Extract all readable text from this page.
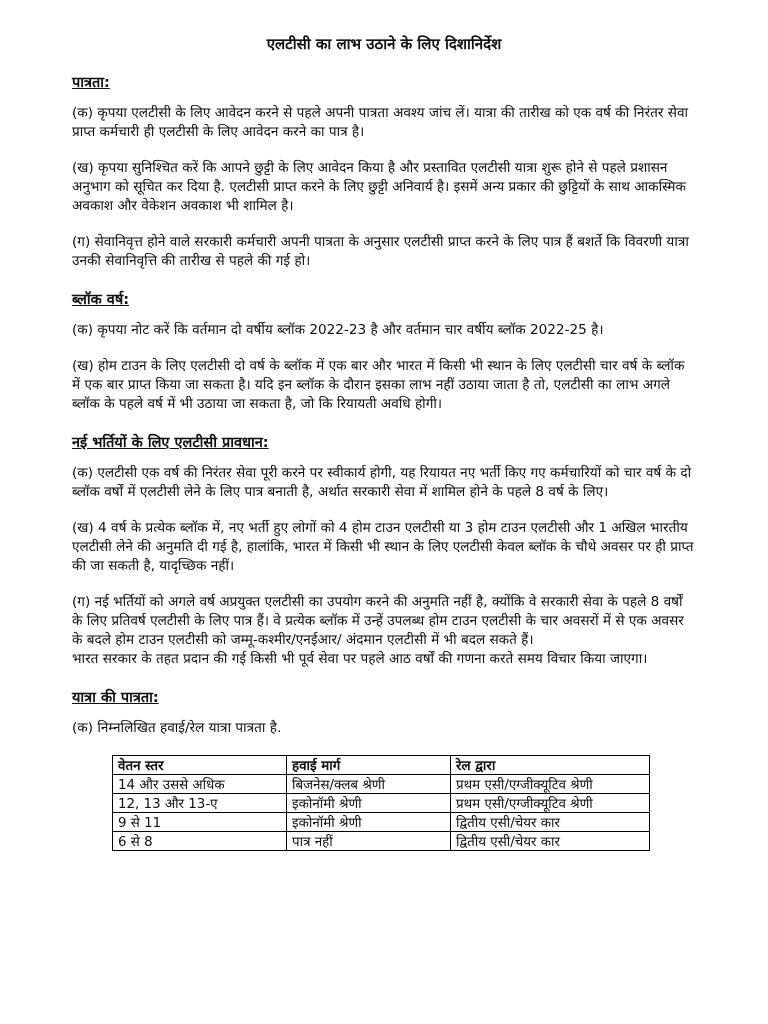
एलटीसी का लाभ उठाने के लिए दिशानिर्देश
पात्रता:

(क) कृपया एलटीसी के लिए आवेदन करने से पहले अपनी पात्रता अवश्य जांच लें। यात्रा की तारीख को एक वर्ष की निरंतर सेवा प्राप्त कर्मचारी ही एलटीसी के लिए आवेदन करने का पात्र है।

(ख) कृपया सुनिश्चित करें कि आपने छुट्टी के लिए आवेदन किया है और प्रस्तावित एलटीसी यात्रा शुरू होने से पहले प्रशासन अनुभाग को सूचित कर दिया है. एलटीसी प्राप्त करने के लिए छुट्टी अनिवार्य है। इसमें अन्य प्रकार की छुट्टियों के साथ आकस्मिक अवकाश और वेकेशन अवकाश भी शामिल है।

(ग) सेवानिवृत्त होने वाले सरकारी कर्मचारी अपनी पात्रता के अनुसार एलटीसी प्राप्त करने के लिए पात्र हैं बशर्ते कि विवरणी यात्रा उनकी सेवानिवृत्ति की तारीख से पहले की गई हो।

ब्लॉक वर्ष:

(क) कृपया नोट करें कि वर्तमान दो वर्षीय ब्लॉक 2022-23 है और वर्तमान चार वर्षीय ब्लॉक 2022-25 है।

(ख) होम टाउन के लिए एलटीसी दो वर्ष के ब्लॉक में एक बार और भारत में किसी भी स्थान के लिए एलटीसी चार वर्ष के ब्लॉक में एक बार प्राप्त किया जा सकता है। यदि इन ब्लॉक के दौरान इसका लाभ नहीं उठाया जाता है तो, एलटीसी का लाभ अगले ब्लॉक के पहले वर्ष में भी उठाया जा सकता है, जो कि रियायती अवधि होगी।

नई भर्तियों के लिए एलटीसी प्रावधान:

(क) एलटीसी एक वर्ष की निरंतर सेवा पूरी करने पर स्वीकार्य होगी, यह रियायत नए भर्ती किए गए कर्मचारियों को चार वर्ष के दो ब्लॉक वर्षों में एलटीसी लेने के लिए पात्र बनाती है, अर्थात सरकारी सेवा में शामिल होने के पहले 8 वर्ष के लिए।

(ख) 4 वर्ष के प्रत्येक ब्लॉक में, नए भर्ती हुए लोगों को 4 होम टाउन एलटीसी या 3 होम टाउन एलटीसी और 1 अखिल भारतीय एलटीसी लेने की अनुमति दी गई है, हालांकि, भारत में किसी भी स्थान के लिए एलटीसी केवल ब्लॉक के चौथे अवसर पर ही प्राप्त की जा सकती है, यादृच्छिक नहीं।

(ग) नई भर्तियों को अगले वर्ष अप्रयुक्त एलटीसी का उपयोग करने की अनुमति नहीं है, क्योंकि वे सरकारी सेवा के पहले 8 वर्षों के लिए प्रतिवर्ष एलटीसी के लिए पात्र हैं। वे प्रत्येक ब्लॉक में उन्हें उपलब्ध होम टाउन एलटीसी के चार अवसरों में से एक अवसर के बदले होम टाउन एलटीसी को जम्मू-कश्मीर/एनईआर/ अंदमान एलटीसी में भी बदल सकते हैं।

भारत सरकार के तहत प्रदान की गई किसी भी पूर्व सेवा पर पहले आठ वर्षों की गणना करते समय विचार किया जाएगा।

यात्रा की पात्रता:

(क) निम्नलिखित हवाई/रेल यात्रा पात्रता है.

वेतन स्तर	हवाई मार्ग	रेल द्वारा
14 और उससे अधिक	बिजनेस/क्लब श्रेणी	प्रथम एसी/एग्जीक्यूटिव श्रेणी
12, 13 और 13-ए	इकोनॉमी श्रेणी	प्रथम एसी/एग्जीक्यूटिव श्रेणी
9 से 11	इकोनॉमी श्रेणी	द्वितीय एसी/चेयर कार
6 से 8	पात्र नहीं	द्वितीय एसी/चेयर कार
